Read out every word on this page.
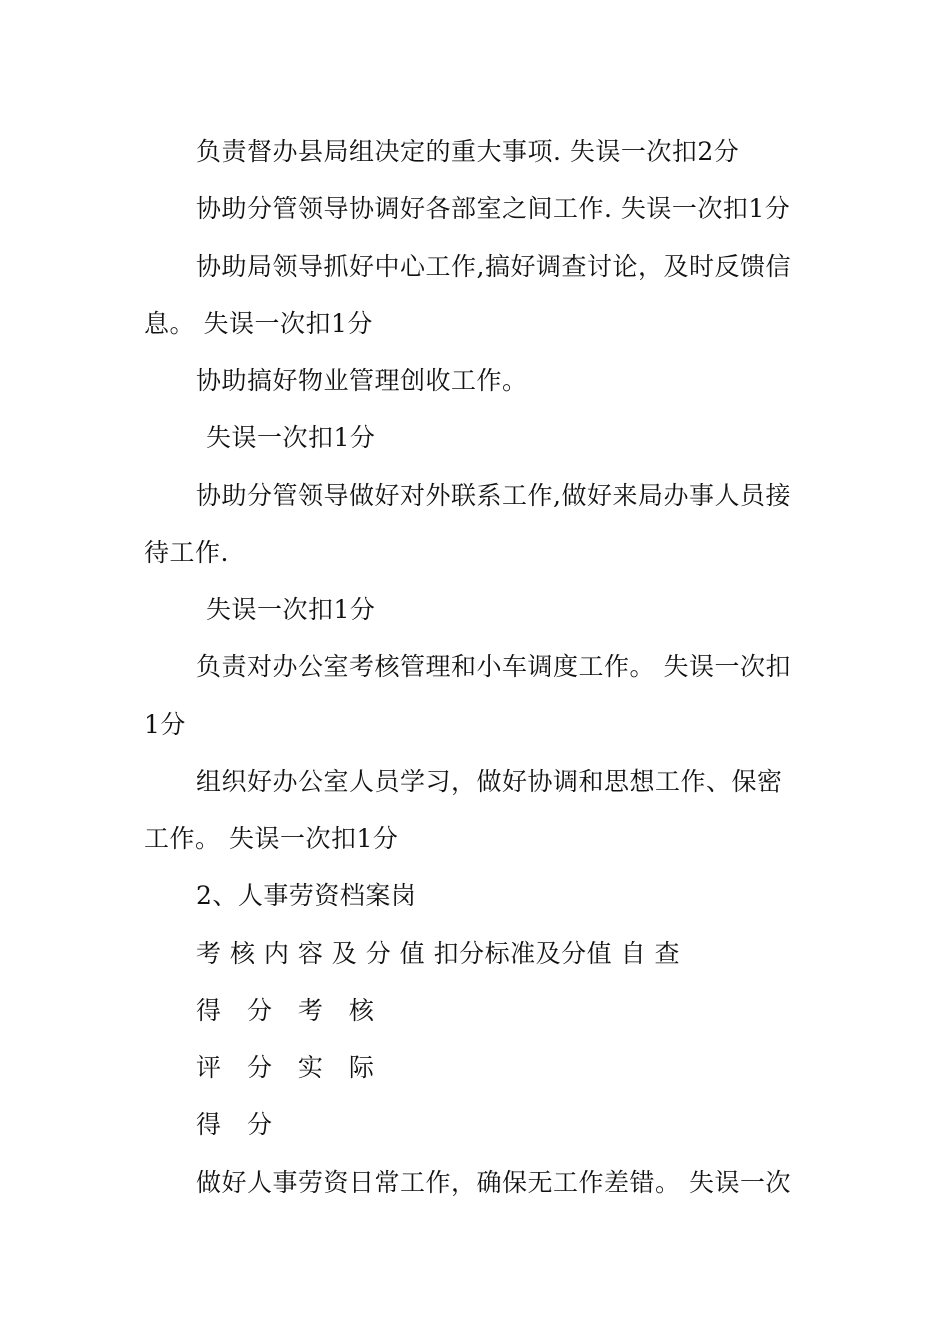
负责督办县局组决定的重大事项. 失误一次扣2分
协助分管领导协调好各部室之间工作. 失误一次扣1分
协助局领导抓好中心工作,搞好调查讨论，及时反馈信
息。 失误一次扣1分
协助搞好物业管理创收工作。
失误一次扣1分
协助分管领导做好对外联系工作,做好来局办事人员接
待工作.
失误一次扣1分
负责对办公室考核管理和小车调度工作。 失误一次扣
1分
组织好办公室人员学习，做好协调和思想工作、保密
工作。 失误一次扣1分
2、人事劳资档案岗
考 核 内 容 及 分 值 扣分标准及分值 自 查
得 分 考 核
评 分 实 际
得 分
做好人事劳资日常工作，确保无工作差错。 失误一次
